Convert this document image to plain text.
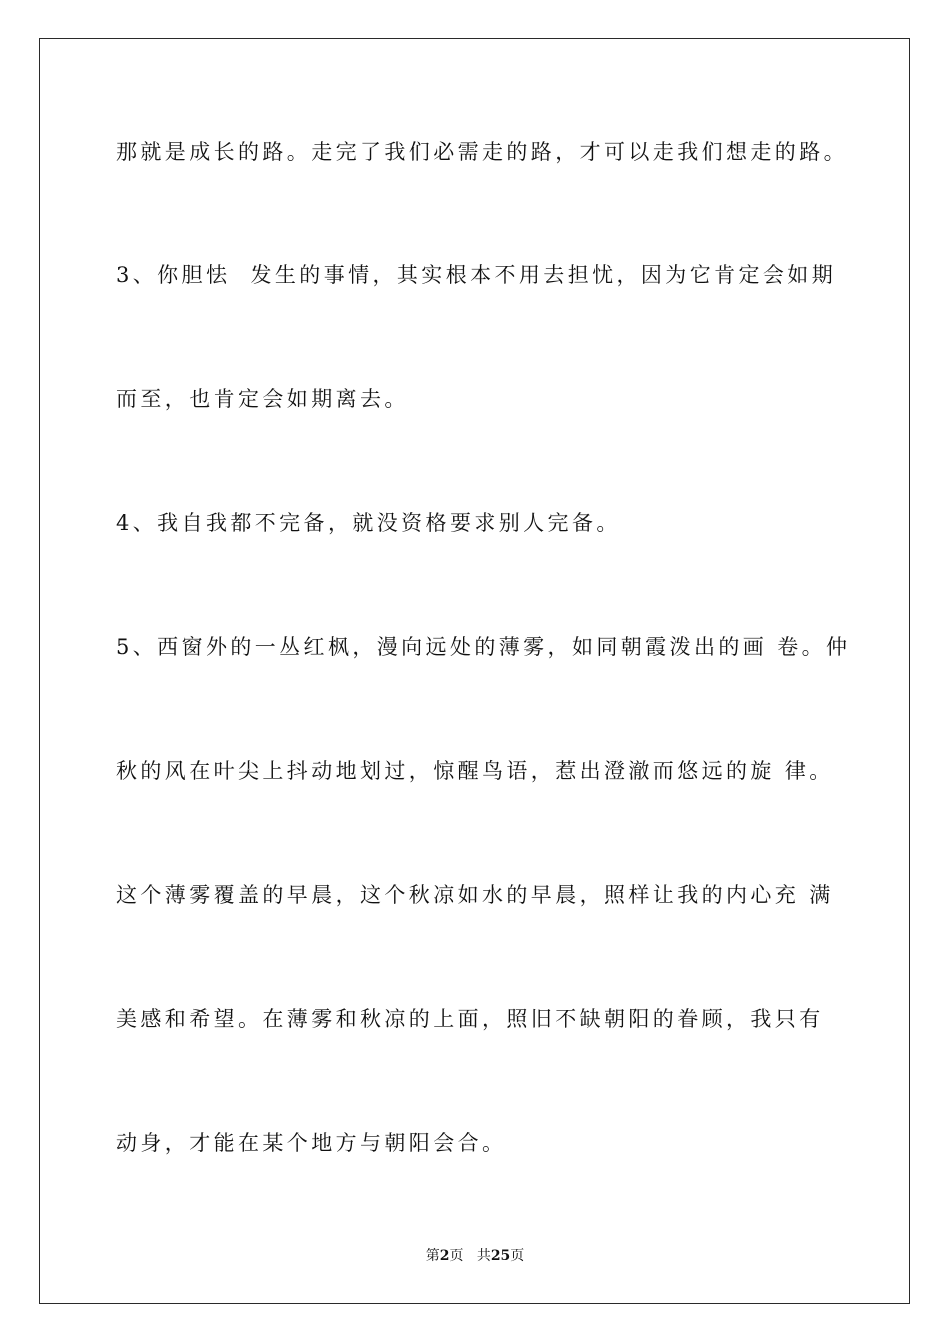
那就是成长的路。走完了我们必需走的路，才可以走我们想走的路。
3、你胆怯  发生的事情，其实根本不用去担忧，因为它肯定会如期
而至，也肯定会如期离去。
4、我自我都不完备，就没资格要求别人完备。
5、西窗外的一丛红枫，漫向远处的薄雾，如同朝霞泼出的画 卷。仲
秋的风在叶尖上抖动地划过，惊醒鸟语，惹出澄澈而悠远的旋 律。
这个薄雾覆盖的早晨，这个秋凉如水的早晨，照样让我的内心充 满
美感和希望。在薄雾和秋凉的上面，照旧不缺朝阳的眷顾，我只有
动身，才能在某个地方与朝阳会合。
第2页 共25页
